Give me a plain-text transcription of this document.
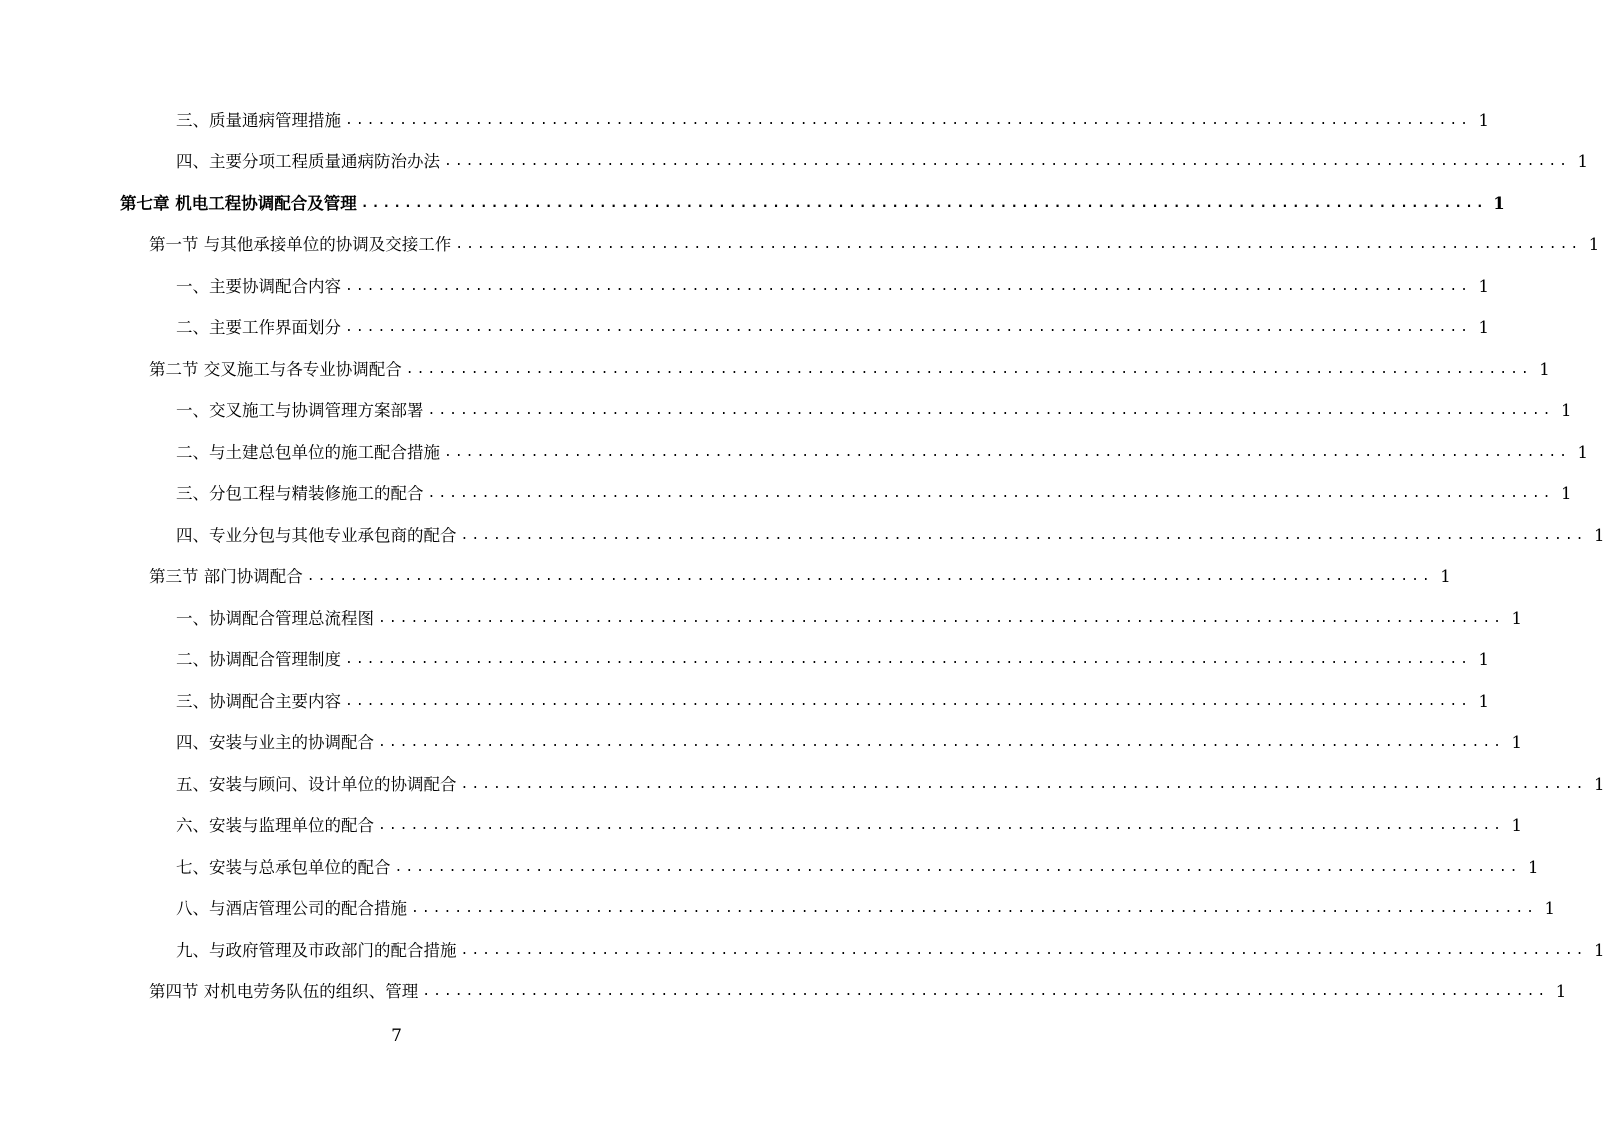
三、质量通病管理措施 ........................................................................................................ 1
四、主要分项工程质量通病防治办法 ........................................................................................................ 1
第七章 机电工程协调配合及管理 ........................................................................................................ 1
第一节 与其他承接单位的协调及交接工作 ........................................................................................................ 1
一、主要协调配合内容 ........................................................................................................ 1
二、主要工作界面划分 ........................................................................................................ 1
第二节 交叉施工与各专业协调配合 ........................................................................................................ 1
一、交叉施工与协调管理方案部署 ........................................................................................................ 1
二、与土建总包单位的施工配合措施 ........................................................................................................ 1
三、分包工程与精装修施工的配合 ........................................................................................................ 1
四、专业分包与其他专业承包商的配合 ........................................................................................................ 1
第三节 部门协调配合 ........................................................................................................ 1
一、协调配合管理总流程图 ........................................................................................................ 1
二、协调配合管理制度 ........................................................................................................ 1
三、协调配合主要内容 ........................................................................................................ 1
四、安装与业主的协调配合 ........................................................................................................ 1
五、安装与顾问、设计单位的协调配合 ........................................................................................................ 1
六、安装与监理单位的配合 ........................................................................................................ 1
七、安装与总承包单位的配合 ........................................................................................................ 1
八、与酒店管理公司的配合措施 ........................................................................................................ 1
九、与政府管理及市政部门的配合措施 ........................................................................................................ 1
第四节 对机电劳务队伍的组织、管理 ........................................................................................................ 1
7
